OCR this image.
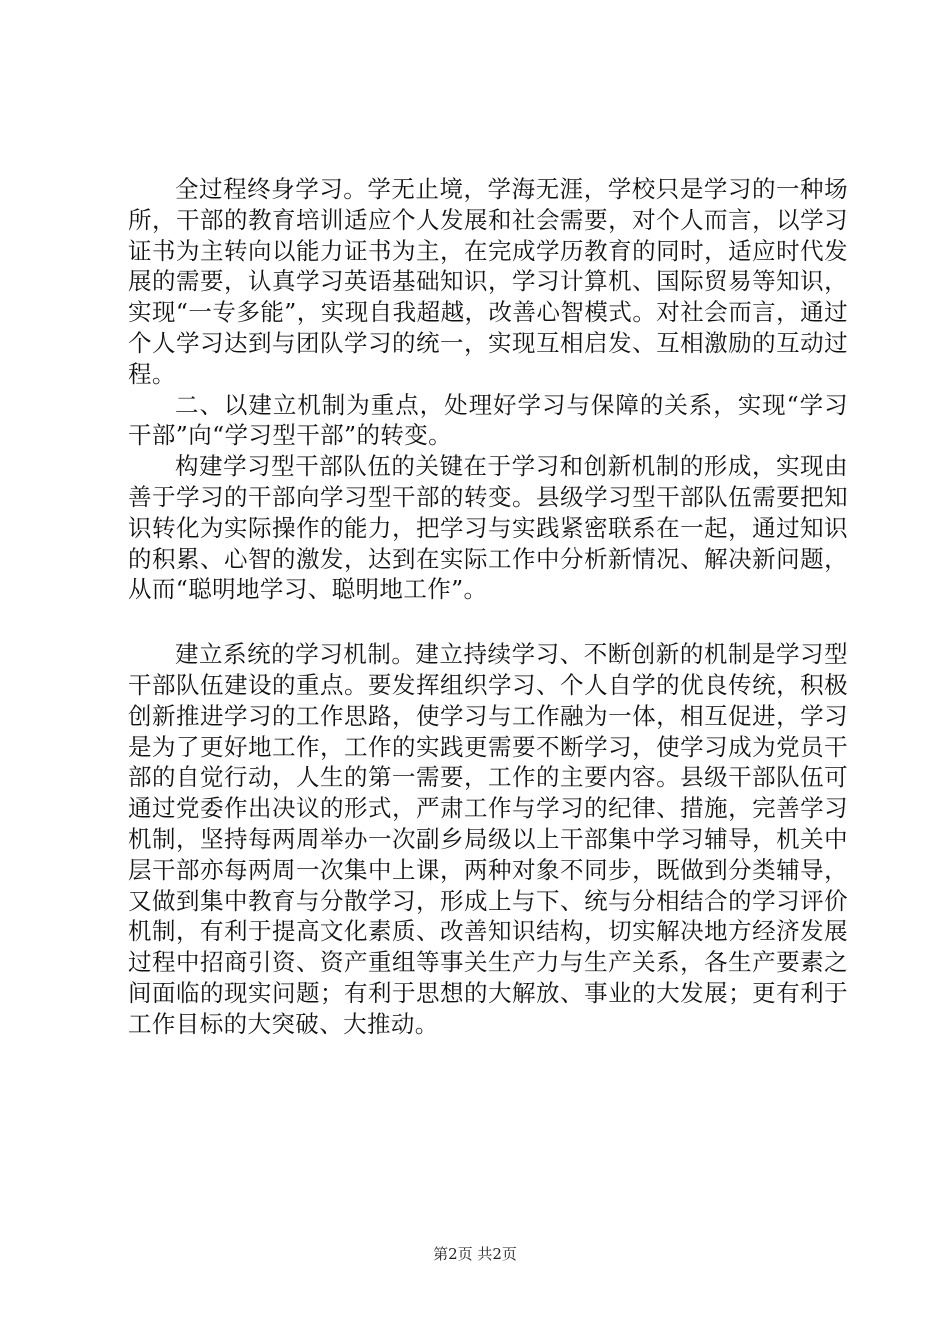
全过程终身学习。学无止境，学海无涯，学校只是学习的一种场所，干部的教育培训适应个人发展和社会需要，对个人而言，以学习证书为主转向以能力证书为主，在完成学历教育的同时，适应时代发展的需要，认真学习英语基础知识，学习计算机、国际贸易等知识，实现“一专多能”，实现自我超越，改善心智模式。对社会而言，通过个人学习达到与团队学习的统一，实现互相启发、互相激励的互动过程。

二、以建立机制为重点，处理好学习与保障的关系，实现“学习干部”向“学习型干部”的转变。

构建学习型干部队伍的关键在于学习和创新机制的形成，实现由善于学习的干部向学习型干部的转变。县级学习型干部队伍需要把知识转化为实际操作的能力，把学习与实践紧密联系在一起，通过知识的积累、心智的激发，达到在实际工作中分析新情况、解决新问题，从而“聪明地学习、聪明地工作”。

建立系统的学习机制。建立持续学习、不断创新的机制是学习型干部队伍建设的重点。要发挥组织学习、个人自学的优良传统，积极创新推进学习的工作思路，使学习与工作融为一体，相互促进，学习是为了更好地工作，工作的实践更需要不断学习，使学习成为党员干部的自觉行动，人生的第一需要，工作的主要内容。县级干部队伍可通过党委作出决议的形式，严肃工作与学习的纪律、措施，完善学习机制，坚持每两周举办一次副乡局级以上干部集中学习辅导，机关中层干部亦每两周一次集中上课，两种对象不同步，既做到分类辅导，又做到集中教育与分散学习，形成上与下、统与分相结合的学习评价机制，有利于提高文化素质、改善知识结构，切实解决地方经济发展过程中招商引资、资产重组等事关生产力与生产关系，各生产要素之间面临的现实问题；有利于思想的大解放、事业的大发展；更有利于工作目标的大突破、大推动。

第2页 共2页
